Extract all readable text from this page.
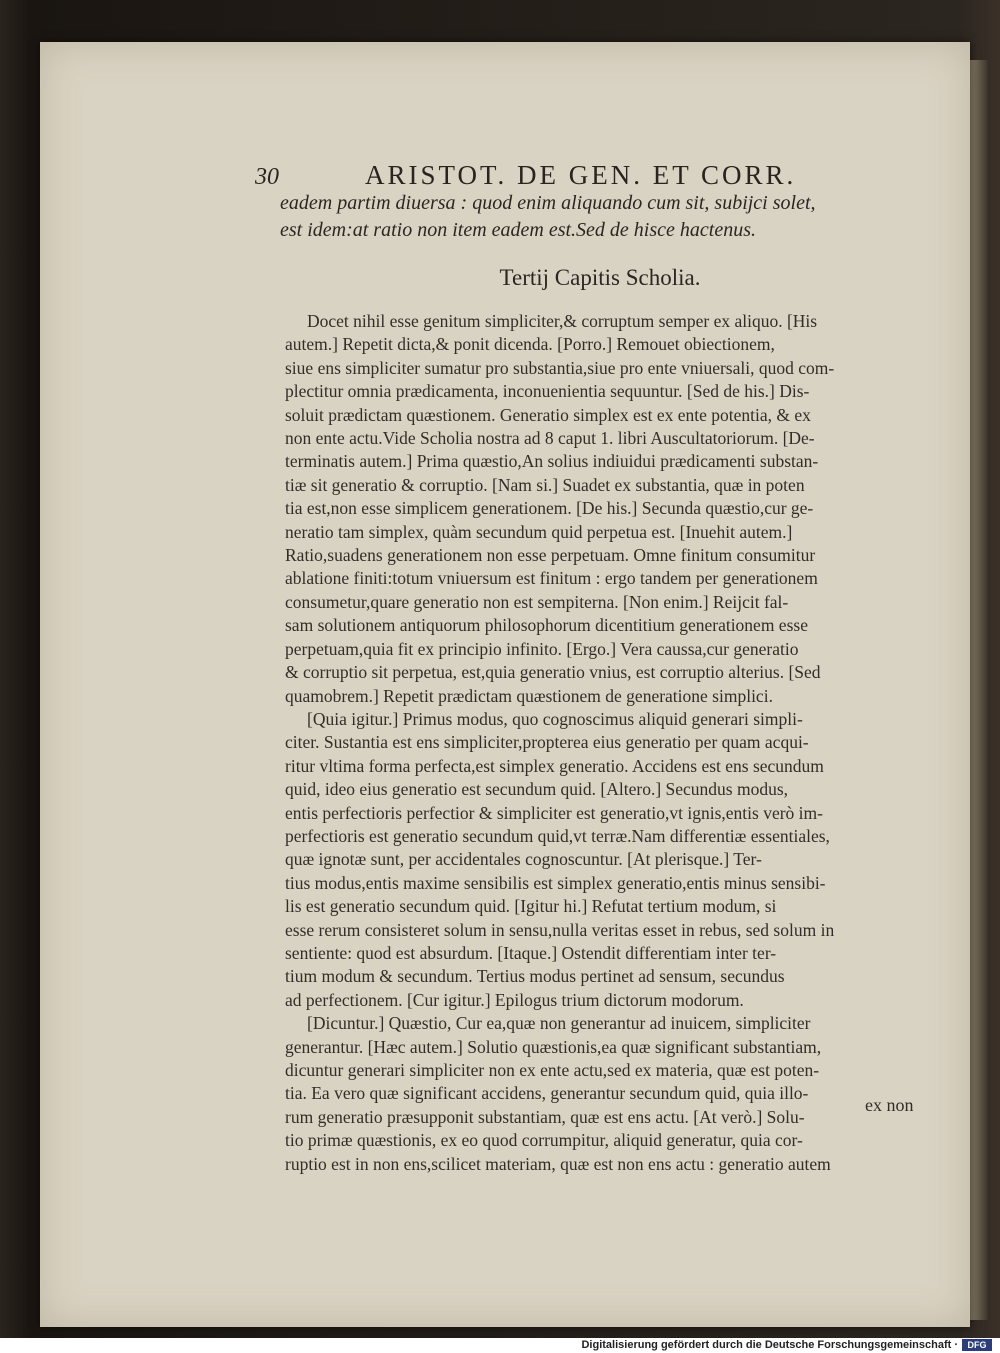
30	ARISTOT. DE GEN. ET CORR.
eadem partim diuersa : quod enim aliquando cum sit, subijci solet,
est idem:at ratio non item eadem est.Sed de hisce hactenus.
Tertij Capitis Scholia.
Docet nihil esse genitum simpliciter,& corruptum semper ex aliquo. [His
autem.] Repetit dicta,& ponit dicenda. [Porro.] Remouet obiectionem,
siue ens simpliciter sumatur pro substantia,siue pro ente vniuersali, quod com-
plectitur omnia prædicamenta, inconuenientia sequuntur. [Sed de his.] Dis-
soluit prædictam quæstionem. Generatio simplex est ex ente potentia, & ex
non ente actu.Vide Scholia nostra ad 8 caput 1. libri Auscultatoriorum. [De-
terminatis autem.] Prima quæstio,An solius indiuidui prædicamenti substan-
tiæ sit generatio & corruptio. [Nam si.] Suadet ex substantia, quæ in poten
tia est,non esse simplicem generationem. [De his.] Secunda quæstio,cur ge-
neratio tam simplex, quàm secundum quid perpetua est. [Inuehit autem.]
Ratio,suadens generationem non esse perpetuam. Omne finitum consumitur
ablatione finiti:totum vniuersum est finitum : ergo tandem per generationem
consumetur,quare generatio non est sempiterna. [Non enim.] Reijcit fal-
sam solutionem antiquorum philosophorum dicentitium generationem esse
perpetuam,quia fit ex principio infinito. [Ergo.] Vera caussa,cur generatio
& corruptio sit perpetua, est,quia generatio vnius, est corruptio alterius. [Sed
quamobrem.] Repetit prædictam quæstionem de generatione simplici.
[Quia igitur.] Primus modus, quo cognoscimus aliquid generari simpli-
citer. Sustantia est ens simpliciter,propterea eius generatio per quam acqui-
ritur vltima forma perfecta,est simplex generatio. Accidens est ens secundum
quid, ideo eius generatio est secundum quid. [Altero.] Secundus modus,
entis perfectioris perfectior & simpliciter est generatio,vt ignis,entis verò im-
perfectioris est generatio secundum quid,vt terræ.Nam differentiæ essentiales,
quæ ignotæ sunt, per accidentales cognoscuntur. [At plerisque.] Ter-
tius modus,entis maxime sensibilis est simplex generatio,entis minus sensibi-
lis est generatio secundum quid. [Igitur hi.] Refutat tertium modum, si
esse rerum consisteret solum in sensu,nulla veritas esset in rebus, sed solum in
sentiente: quod est absurdum. [Itaque.] Ostendit differentiam inter ter-
tium modum & secundum. Tertius modus pertinet ad sensum, secundus
ad perfectionem. [Cur igitur.] Epilogus trium dictorum modorum.
[Dicuntur.] Quæstio, Cur ea,quæ non generantur ad inuicem, simpliciter
generantur. [Hæc autem.] Solutio quæstionis,ea quæ significant substantiam,
dicuntur generari simpliciter non ex ente actu,sed ex materia, quæ est poten-
tia. Ea vero quæ significant accidens, generantur secundum quid, quia illo-
rum generatio præsupponit substantiam, quæ est ens actu. [At verò.] Solu-
tio primæ quæstionis, ex eo quod corrumpitur, aliquid generatur, quia cor-
ruptio est in non ens,scilicet materiam, quæ est non ens actu : generatio autem
ex non
Digitalisierung gefördert durch die Deutsche Forschungsgemeinschaft ·	DFG
